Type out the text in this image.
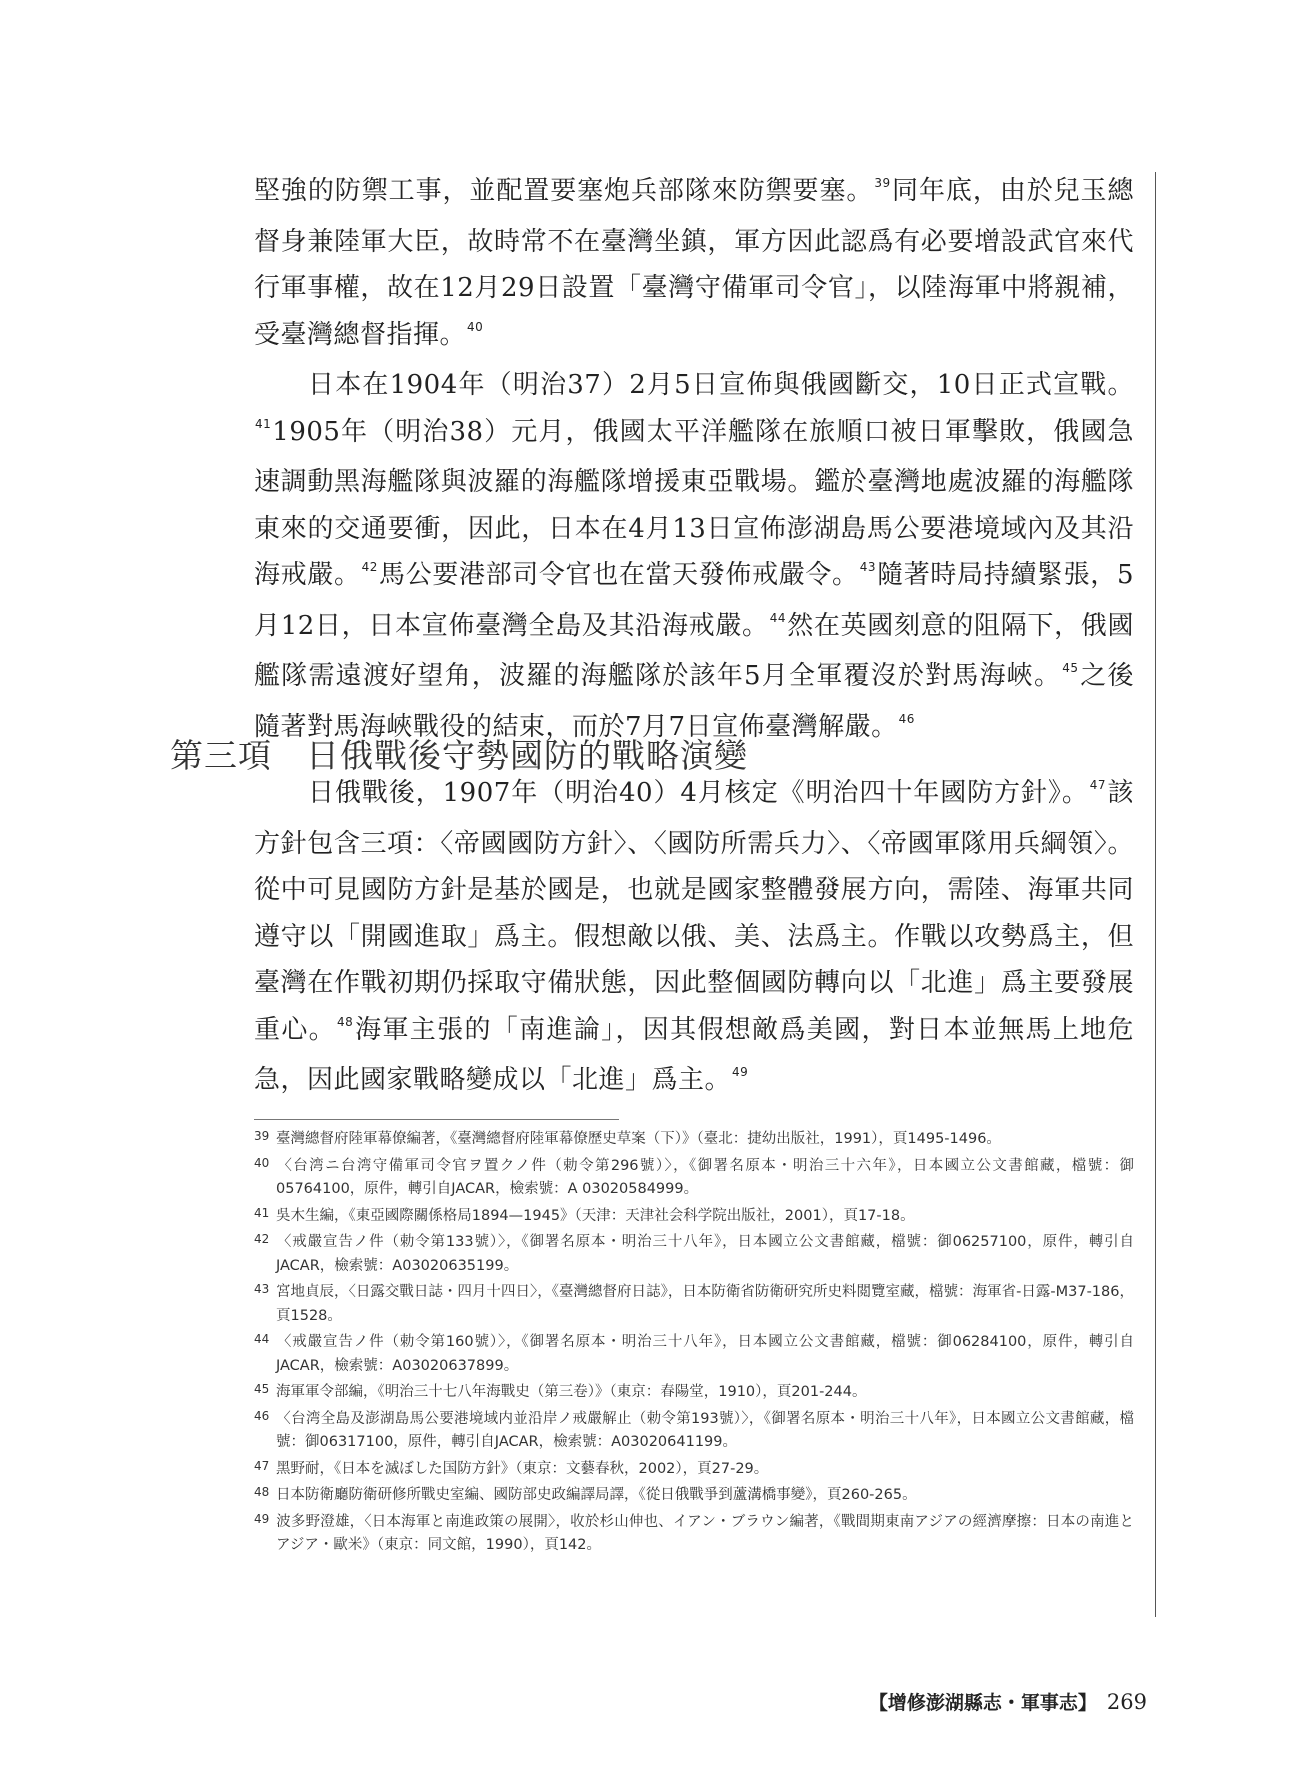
堅強的防禦工事，並配置要塞炮兵部隊來防禦要塞。$^{39}$同年底，由於兒玉總督身兼陸軍大臣，故時常不在臺灣坐鎮，軍方因此認爲有必要增設武官來代行軍事權，故在12月29日設置「臺灣守備軍司令官」，以陸海軍中將親補，受臺灣總督指揮。$^{40}$

日本在1904年（明治37）2月5日宣佈與俄國斷交，10日正式宣戰。$^{41}$1905年（明治38）元月，俄國太平洋艦隊在旅順口被日軍擊敗，俄國急速調動黑海艦隊與波羅的海艦隊增援東亞戰場。鑑於臺灣地處波羅的海艦隊東來的交通要衝，因此，日本在4月13日宣佈澎湖島馬公要港境域內及其沿海戒嚴。$^{42}$馬公要港部司令官也在當天發佈戒嚴令。$^{43}$隨著時局持續緊張，5月12日，日本宣佈臺灣全島及其沿海戒嚴。$^{44}$然在英國刻意的阻隔下，俄國艦隊需遠渡好望角，波羅的海艦隊於該年5月全軍覆沒於對馬海峽。$^{45}$之後隨著對馬海峽戰役的結束，而於7月7日宣佈臺灣解嚴。$^{46}$

第三項　日俄戰後守勢國防的戰略演變

日俄戰後，1907年（明治40）4月核定《明治四十年國防方針》。$^{47}$該方針包含三項：〈帝國國防方針〉、〈國防所需兵力〉、〈帝國軍隊用兵綱領〉。從中可見國防方針是基於國是，也就是國家整體發展方向，需陸、海軍共同遵守以「開國進取」爲主。假想敵以俄、美、法爲主。作戰以攻勢爲主，但臺灣在作戰初期仍採取守備狀態，因此整個國防轉向以「北進」爲主要發展重心。$^{48}$海軍主張的「南進論」，因其假想敵爲美國，對日本並無馬上地危急，因此國家戰略變成以「北進」爲主。$^{49}$

39 臺灣總督府陸軍幕僚編著，《臺灣總督府陸軍幕僚歷史草案（下）》（臺北：捷幼出版社，1991），頁1495-1496。

40 〈台湾ニ台湾守備軍司令官ヲ置クノ件（勅令第296號）〉，《御署名原本・明治三十六年》，日本國立公文書館藏，檔號：御05764100，原件，轉引自JACAR，檢索號：A 03020584999。

41 吳木生編，《東亞國際關係格局1894—1945》（天津：天津社会科学院出版社，2001），頁17-18。

42 〈戒嚴宣告ノ件（勅令第133號）〉，《御署名原本・明治三十八年》，日本國立公文書館藏，檔號：御06257100，原件，轉引自JACAR，檢索號：A03020635199。

43 宮地貞辰，〈日露交戰日誌・四月十四日〉，《臺灣總督府日誌》，日本防衛省防衛研究所史料閲覽室藏，檔號：海軍省-日露-M37-186，頁1528。

44 〈戒嚴宣告ノ件（勅令第160號）〉，《御署名原本・明治三十八年》，日本國立公文書館藏，檔號：御06284100，原件，轉引自JACAR，檢索號：A03020637899。

45 海軍軍令部編，《明治三十七八年海戰史（第三卷）》（東京：春陽堂，1910），頁201-244。

46 〈台湾全島及澎湖島馬公要港境域内並沿岸ノ戒嚴解止（勅令第193號）〉，《御署名原本・明治三十八年》，日本國立公文書館藏，檔號：御06317100，原件，轉引自JACAR，檢索號：A03020641199。

47 黑野耐，《日本を滅ぼした国防方針》（東京：文藝春秋，2002），頁27-29。

48 日本防衛廳防衛研修所戰史室編、國防部史政編譯局譯，《從日俄戰爭到蘆溝橋事變》，頁260-265。

49 波多野澄雄，〈日本海軍と南進政策の展開〉，收於杉山伸也、イアン・ブラウン編著，《戰間期東南アジアの經濟摩擦：日本の南進とアジア・歐米》（東京：同文館，1990），頁142。

【增修澎湖縣志・軍事志】 269
